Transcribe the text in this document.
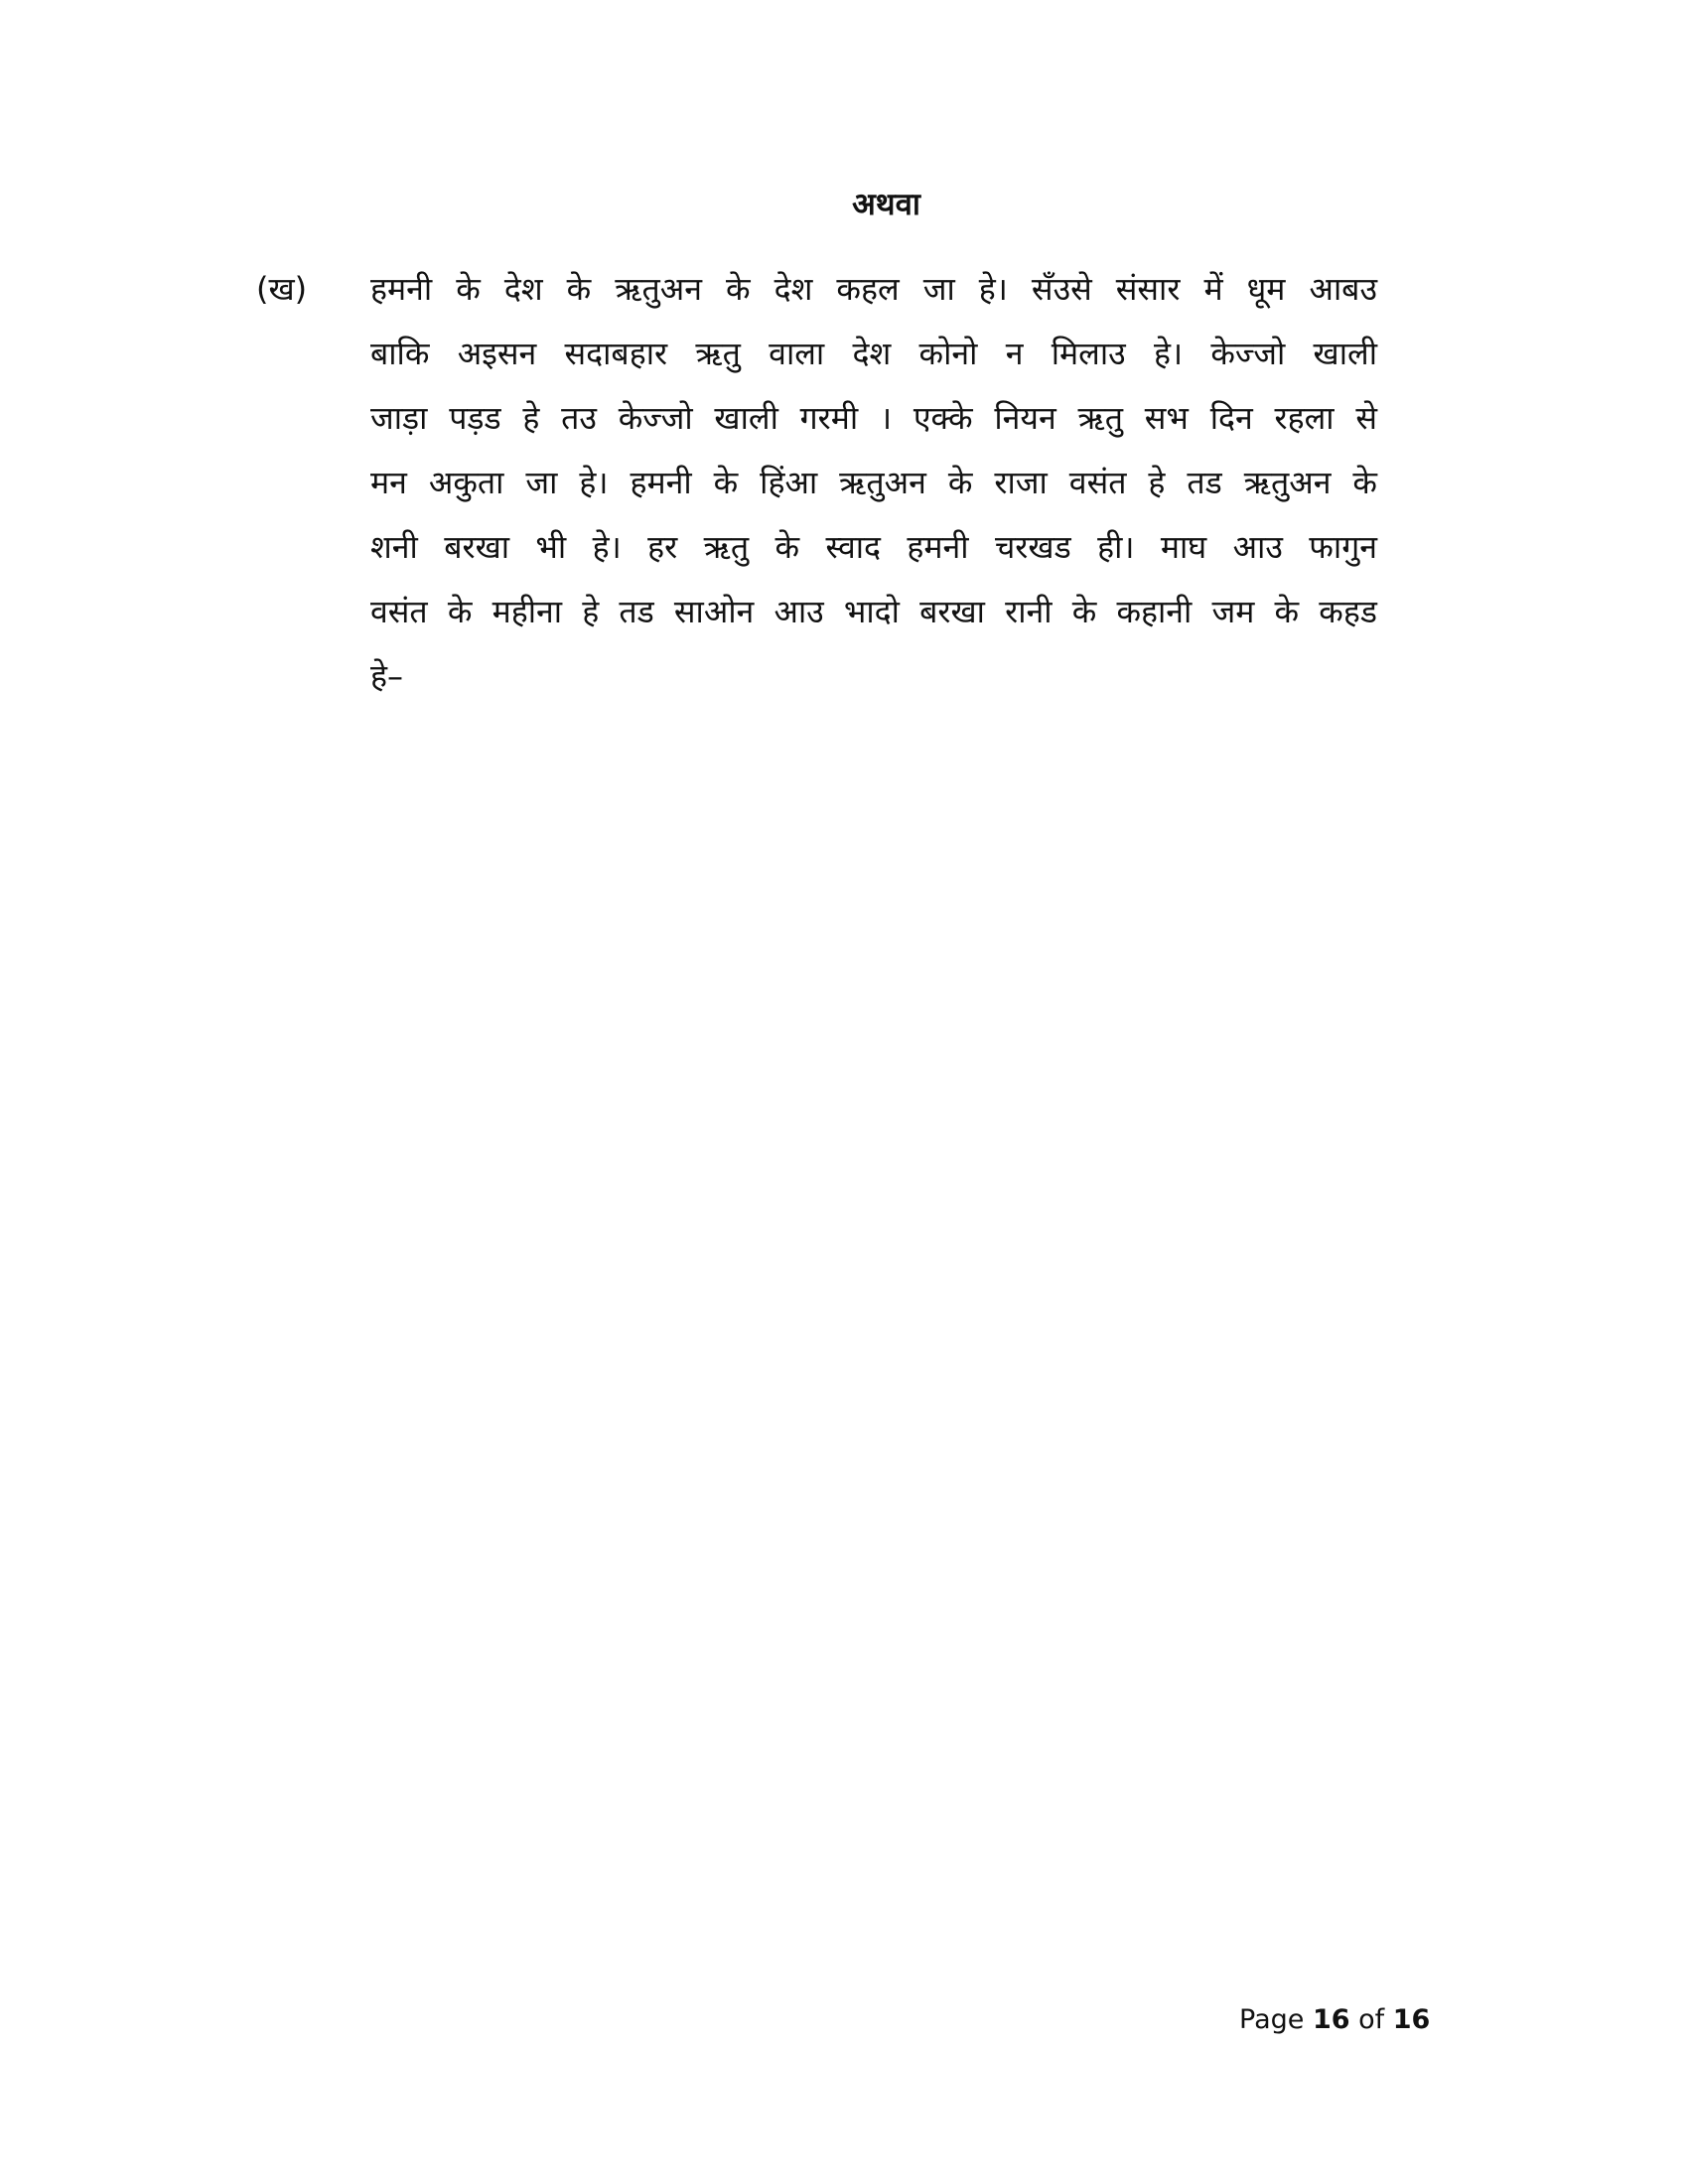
अथवा
(ख) हमनी के देश के ऋतुअन के देश कहल जा हे। सँउसे संसार में धूम आबउ
बाकि अइसन सदाबहार ऋतु वाला देश कोनो न मिलाउ हे। केज्जो खाली
जाड़ा पड़ड हे तउ केज्जो खाली गरमी । एक्के नियन ऋतु सभ दिन रहला से
मन अकुता जा हे। हमनी के हिंआ ऋतुअन के राजा वसंत हे तड ऋतुअन के
शनी बरखा भी हे। हर ऋतु के स्वाद हमनी चरखड ही। माघ आउ फागुन
वसंत के महीना हे तड साओन आउ भादो बरखा रानी के कहानी जम के कहड
हे–
Page 16 of 16
